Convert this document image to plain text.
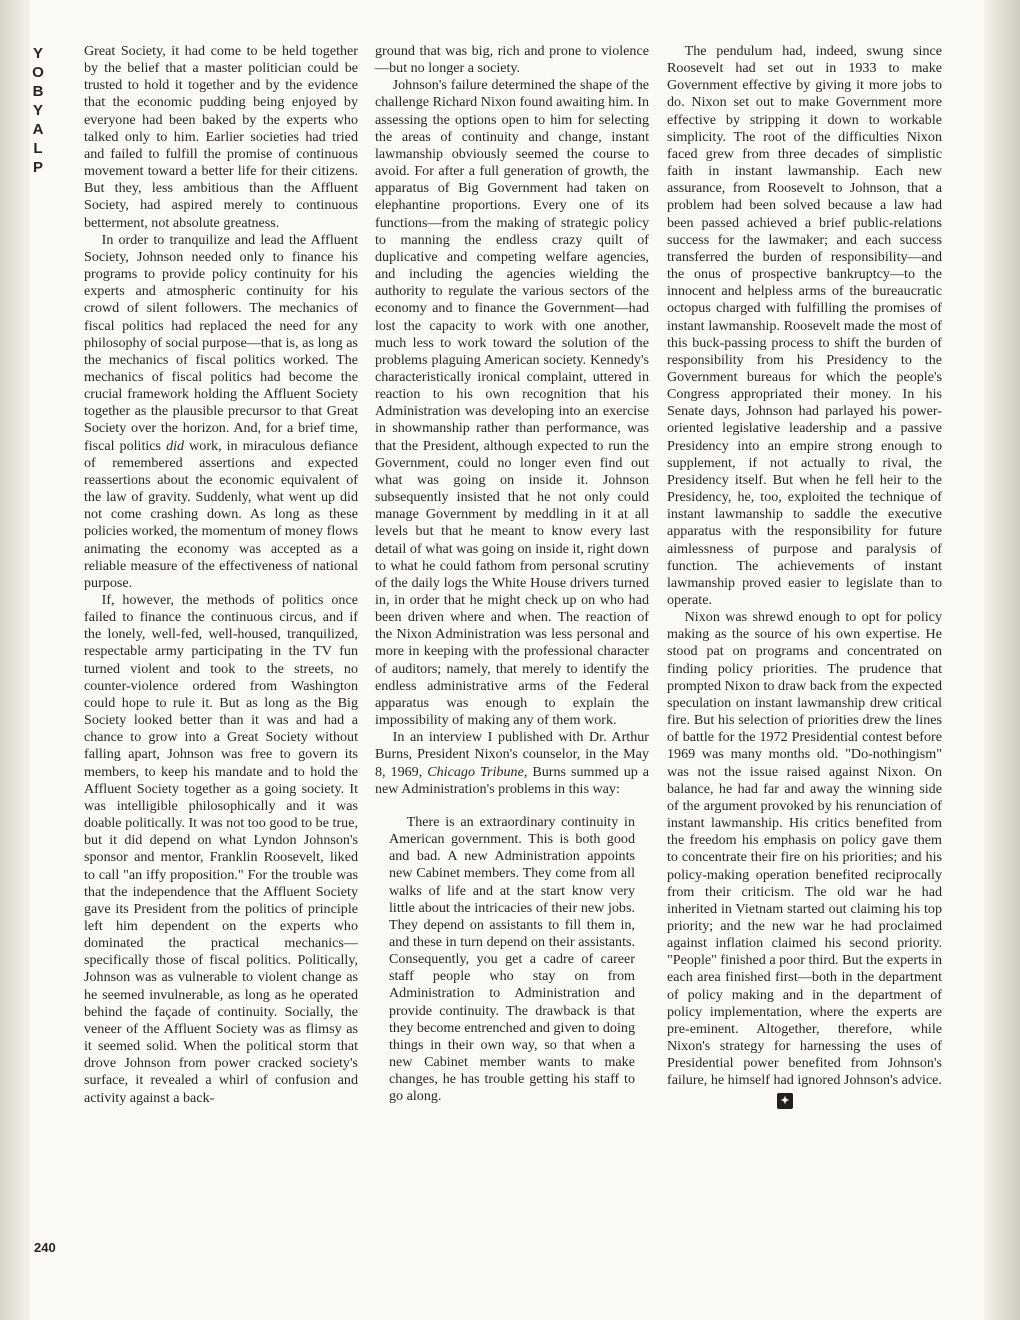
Y
O
B
Y
A
L
P

Great Society, it had come to be held together by the belief that a master politician could be trusted to hold it together and by the evidence that the economic pudding being enjoyed by everyone had been baked by the experts who talked only to him. Earlier societies had tried and failed to fulfill the promise of continuous movement toward a better life for their citizens. But they, less ambitious than the Affluent Society, had aspired merely to continuous betterment, not absolute greatness.

In order to tranquilize and lead the Affluent Society, Johnson needed only to finance his programs to provide policy continuity for his experts and atmospheric continuity for his crowd of silent followers. The mechanics of fiscal politics had replaced the need for any philosophy of social purpose—that is, as long as the mechanics of fiscal politics worked. The mechanics of fiscal politics had become the crucial framework holding the Affluent Society together as the plausible precursor to that Great Society over the horizon. And, for a brief time, fiscal politics did work, in miraculous defiance of remembered assertions and expected reassertions about the economic equivalent of the law of gravity. Suddenly, what went up did not come crashing down. As long as these policies worked, the momentum of money flows animating the economy was accepted as a reliable measure of the effectiveness of national purpose.

If, however, the methods of politics once failed to finance the continuous circus, and if the lonely, well-fed, well-housed, tranquilized, respectable army participating in the TV fun turned violent and took to the streets, no counter-violence ordered from Washington could hope to rule it. But as long as the Big Society looked better than it was and had a chance to grow into a Great Society without falling apart, Johnson was free to govern its members, to keep his mandate and to hold the Affluent Society together as a going society. It was intelligible philosophically and it was doable politically. It was not too good to be true, but it did depend on what Lyndon Johnson's sponsor and mentor, Franklin Roosevelt, liked to call "an iffy proposition." For the trouble was that the independence that the Affluent Society gave its President from the politics of principle left him dependent on the experts who dominated the practical mechanics—specifically those of fiscal politics. Politically, Johnson was as vulnerable to violent change as he seemed invulnerable, as long as he operated behind the façade of continuity. Socially, the veneer of the Affluent Society was as flimsy as it seemed solid. When the political storm that drove Johnson from power cracked society's surface, it revealed a whirl of confusion and activity against a back-

ground that was big, rich and prone to violence—but no longer a society.

Johnson's failure determined the shape of the challenge Richard Nixon found awaiting him. In assessing the options open to him for selecting the areas of continuity and change, instant lawmanship obviously seemed the course to avoid. For after a full generation of growth, the apparatus of Big Government had taken on elephantine proportions. Every one of its functions—from the making of strategic policy to manning the endless crazy quilt of duplicative and competing welfare agencies, and including the agencies wielding the authority to regulate the various sectors of the economy and to finance the Government—had lost the capacity to work with one another, much less to work toward the solution of the problems plaguing American society. Kennedy's characteristically ironical complaint, uttered in reaction to his own recognition that his Administration was developing into an exercise in showmanship rather than performance, was that the President, although expected to run the Government, could no longer even find out what was going on inside it. Johnson subsequently insisted that he not only could manage Government by meddling in it at all levels but that he meant to know every last detail of what was going on inside it, right down to what he could fathom from personal scrutiny of the daily logs the White House drivers turned in, in order that he might check up on who had been driven where and when. The reaction of the Nixon Administration was less personal and more in keeping with the professional character of auditors; namely, that merely to identify the endless administrative arms of the Federal apparatus was enough to explain the impossibility of making any of them work.

In an interview I published with Dr. Arthur Burns, President Nixon's counselor, in the May 8, 1969, Chicago Tribune, Burns summed up a new Administration's problems in this way:

There is an extraordinary continuity in American government. This is both good and bad. A new Administration appoints new Cabinet members. They come from all walks of life and at the start know very little about the intricacies of their new jobs. They depend on assistants to fill them in, and these in turn depend on their assistants. Consequently, you get a cadre of career staff people who stay on from Administration to Administration and provide continuity. The drawback is that they become entrenched and given to doing things in their own way, so that when a new Cabinet member wants to make changes, he has trouble getting his staff to go along.

The pendulum had, indeed, swung since Roosevelt had set out in 1933 to make Government effective by giving it more jobs to do. Nixon set out to make Government more effective by stripping it down to workable simplicity. The root of the difficulties Nixon faced grew from three decades of simplistic faith in instant lawmanship. Each new assurance, from Roosevelt to Johnson, that a problem had been solved because a law had been passed achieved a brief public-relations success for the lawmaker; and each success transferred the burden of responsibility—and the onus of prospective bankruptcy—to the innocent and helpless arms of the bureaucratic octopus charged with fulfilling the promises of instant lawmanship. Roosevelt made the most of this buck-passing process to shift the burden of responsibility from his Presidency to the Government bureaus for which the people's Congress appropriated their money. In his Senate days, Johnson had parlayed his power-oriented legislative leadership and a passive Presidency into an empire strong enough to supplement, if not actually to rival, the Presidency itself. But when he fell heir to the Presidency, he, too, exploited the technique of instant lawmanship to saddle the executive apparatus with the responsibility for future aimlessness of purpose and paralysis of function. The achievements of instant lawmanship proved easier to legislate than to operate.

Nixon was shrewd enough to opt for policy making as the source of his own expertise. He stood pat on programs and concentrated on finding policy priorities. The prudence that prompted Nixon to draw back from the expected speculation on instant lawmanship drew critical fire. But his selection of priorities drew the lines of battle for the 1972 Presidential contest before 1969 was many months old. "Do-nothingism" was not the issue raised against Nixon. On balance, he had far and away the winning side of the argument provoked by his renunciation of instant lawmanship. His critics benefited from the freedom his emphasis on policy gave them to concentrate their fire on his priorities; and his policy-making operation benefited reciprocally from their criticism. The old war he had inherited in Vietnam started out claiming his top priority; and the new war he had proclaimed against inflation claimed his second priority. "People" finished a poor third. But the experts in each area finished first—both in the department of policy making and in the department of policy implementation, where the experts are pre-eminent. Altogether, therefore, while Nixon's strategy for harnessing the uses of Presidential power benefited from Johnson's failure, he himself had ignored Johnson's advice.

✦

240
